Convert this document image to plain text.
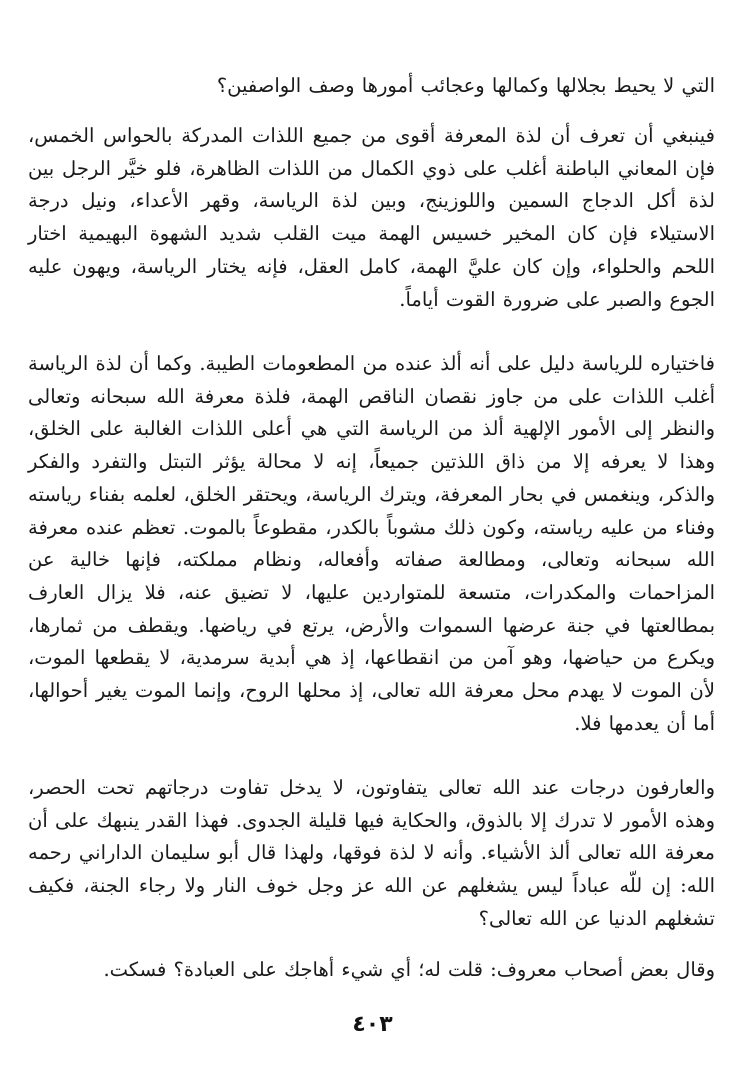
التي لا يحيط بجلالها وكمالها وعجائب أمورها وصف الواصفين؟

فينبغي أن تعرف أن لذة المعرفة أقوى من جميع اللذات المدركة بالحواس الخمس، فإن المعاني الباطنة أغلب على ذوي الكمال من اللذات الظاهرة، فلو خيَّر الرجل بين لذة أكل الدجاج السمين واللوزينج، وبين لذة الرياسة، وقهر الأعداء، ونيل درجة الاستيلاء فإن كان المخير خسيس الهمة ميت القلب شديد الشهوة البهيمية اختار اللحم والحلواء، وإن كان عليَّ الهمة، كامل العقل، فإنه يختار الرياسة، ويهون عليه الجوع والصبر على ضرورة القوت أياماً.

فاختياره للرياسة دليل على أنه ألذ عنده من المطعومات الطيبة. وكما أن لذة الرياسة أغلب اللذات على من جاوز نقصان الناقص الهمة، فلذة معرفة الله سبحانه وتعالى والنظر إلى الأمور الإلهية ألذ من الرياسة التي هي أعلى اللذات الغالبة على الخلق، وهذا لا يعرفه إلا من ذاق اللذتين جميعاً، إنه لا محالة يؤثر التبتل والتفرد والفكر والذكر، وينغمس في بحار المعرفة، ويترك الرياسة، ويحتقر الخلق، لعلمه بفناء رياسته وفناء من عليه رياسته، وكون ذلك مشوباً بالكدر، مقطوعاً بالموت. تعظم عنده معرفة الله سبحانه وتعالى، ومطالعة صفاته وأفعاله، ونظام مملكته، فإنها خالية عن المزاحمات والمكدرات، متسعة للمتواردين عليها، لا تضيق عنه، فلا يزال العارف بمطالعتها في جنة عرضها السموات والأرض، يرتع في رياضها. ويقطف من ثمارها، ويكرع من حياضها، وهو آمن من انقطاعها، إذ هي أبدية سرمدية، لا يقطعها الموت، لأن الموت لا يهدم محل معرفة الله تعالى، إذ محلها الروح، وإنما الموت يغير أحوالها، أما أن يعدمها فلا.

والعارفون درجات عند الله تعالى يتفاوتون، لا يدخل تفاوت درجاتهم تحت الحصر، وهذه الأمور لا تدرك إلا بالذوق، والحكاية فيها قليلة الجدوى. فهذا القدر ينبهك على أن معرفة الله تعالى ألذ الأشياء. وأنه لا لذة فوقها، ولهذا قال أبو سليمان الداراني رحمه الله: إن للّه عباداً ليس يشغلهم عن الله عز وجل خوف النار ولا رجاء الجنة، فكيف تشغلهم الدنيا عن الله تعالى؟

وقال بعض أصحاب معروف: قلت له؛ أي شيء أهاجك على العبادة؟ فسكت.

٤٠٣
